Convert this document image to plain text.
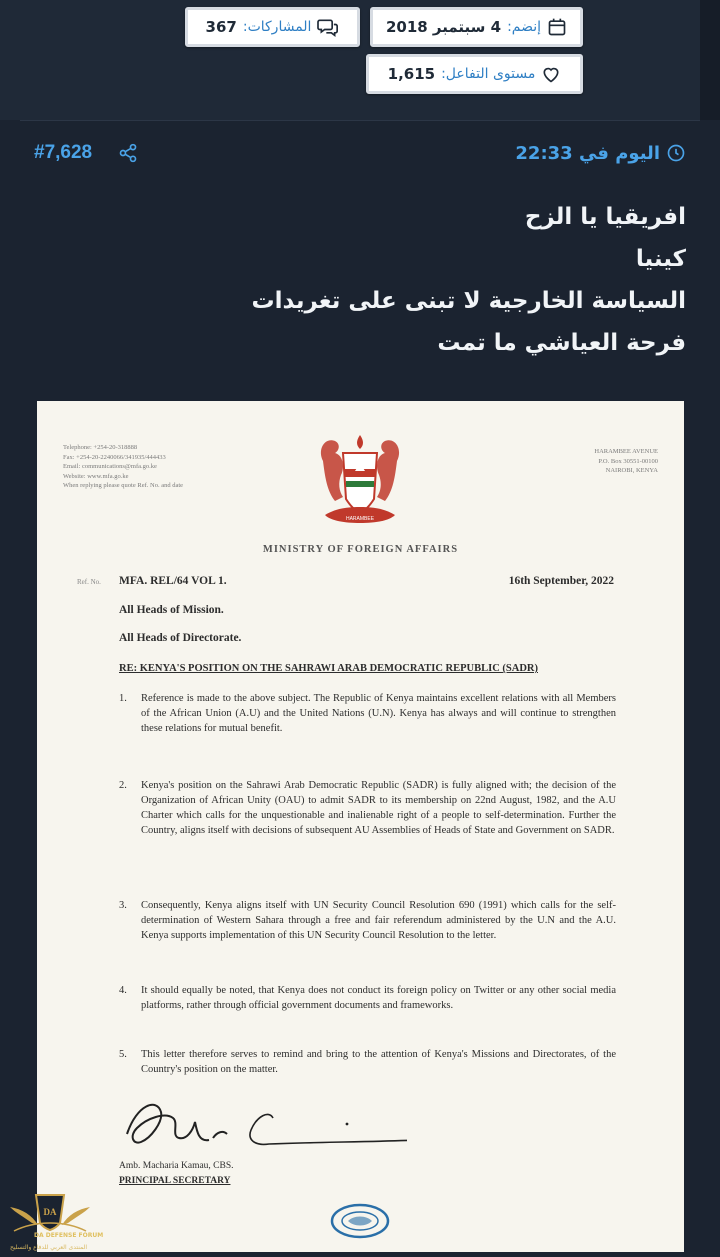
إنضم:
4 سبتمبر 2018
المشاركات:
367
مستوى التفاعل:
1,615
#7,628	اليوم في 22:33
افريقيا يا الزح
كينيا
السياسة الخارجية لا تبنى على تغريدات
فرحة العياشي ما تمت
Telephone: +254-20-318888
Fax: +254-20-2240066/341935/444433
Email: communications@mfa.go.ke
Website: www.mfa.go.ke
When replying please quote Ref. No. and date
HARAMBEE AVENUE
P.O. Box 30551-00100
NAIROBI, KENYA
HARAMBEE
MINISTRY OF FOREIGN AFFAIRS
Ref. No. MFA. REL/64 VOL 1.	16th September, 2022
All Heads of Mission.
All Heads of Directorate.
RE: KENYA'S POSITION ON THE SAHRAWI ARAB DEMOCRATIC REPUBLIC (SADR)
1. Reference is made to the above subject. The Republic of Kenya maintains excellent relations with all Members of the African Union (A.U) and the United Nations (U.N). Kenya has always and will continue to strengthen these relations for mutual benefit.
2. Kenya's position on the Sahrawi Arab Democratic Republic (SADR) is fully aligned with; the decision of the Organization of African Unity (OAU) to admit SADR to its membership on 22nd August, 1982, and the A.U Charter which calls for the unquestionable and inalienable right of a people to self-determination. Further the Country, aligns itself with decisions of subsequent AU Assemblies of Heads of State and Government on SADR.
3. Consequently, Kenya aligns itself with UN Security Council Resolution 690 (1991) which calls for the self-determination of Western Sahara through a free and fair referendum administered by the U.N and the A.U. Kenya supports implementation of this UN Security Council Resolution to the letter.
4. It should equally be noted, that Kenya does not conduct its foreign policy on Twitter or any other social media platforms, rather through official government documents and frameworks.
5. This letter therefore serves to remind and bring to the attention of Kenya's Missions and Directorates, of the Country's position on the matter.
Amb. Macharia Kamau, CBS.
PRINCIPAL SECRETARY
DA
DA DEFENSE FORUM
المنتدى العربي للدفاع والتسليح
